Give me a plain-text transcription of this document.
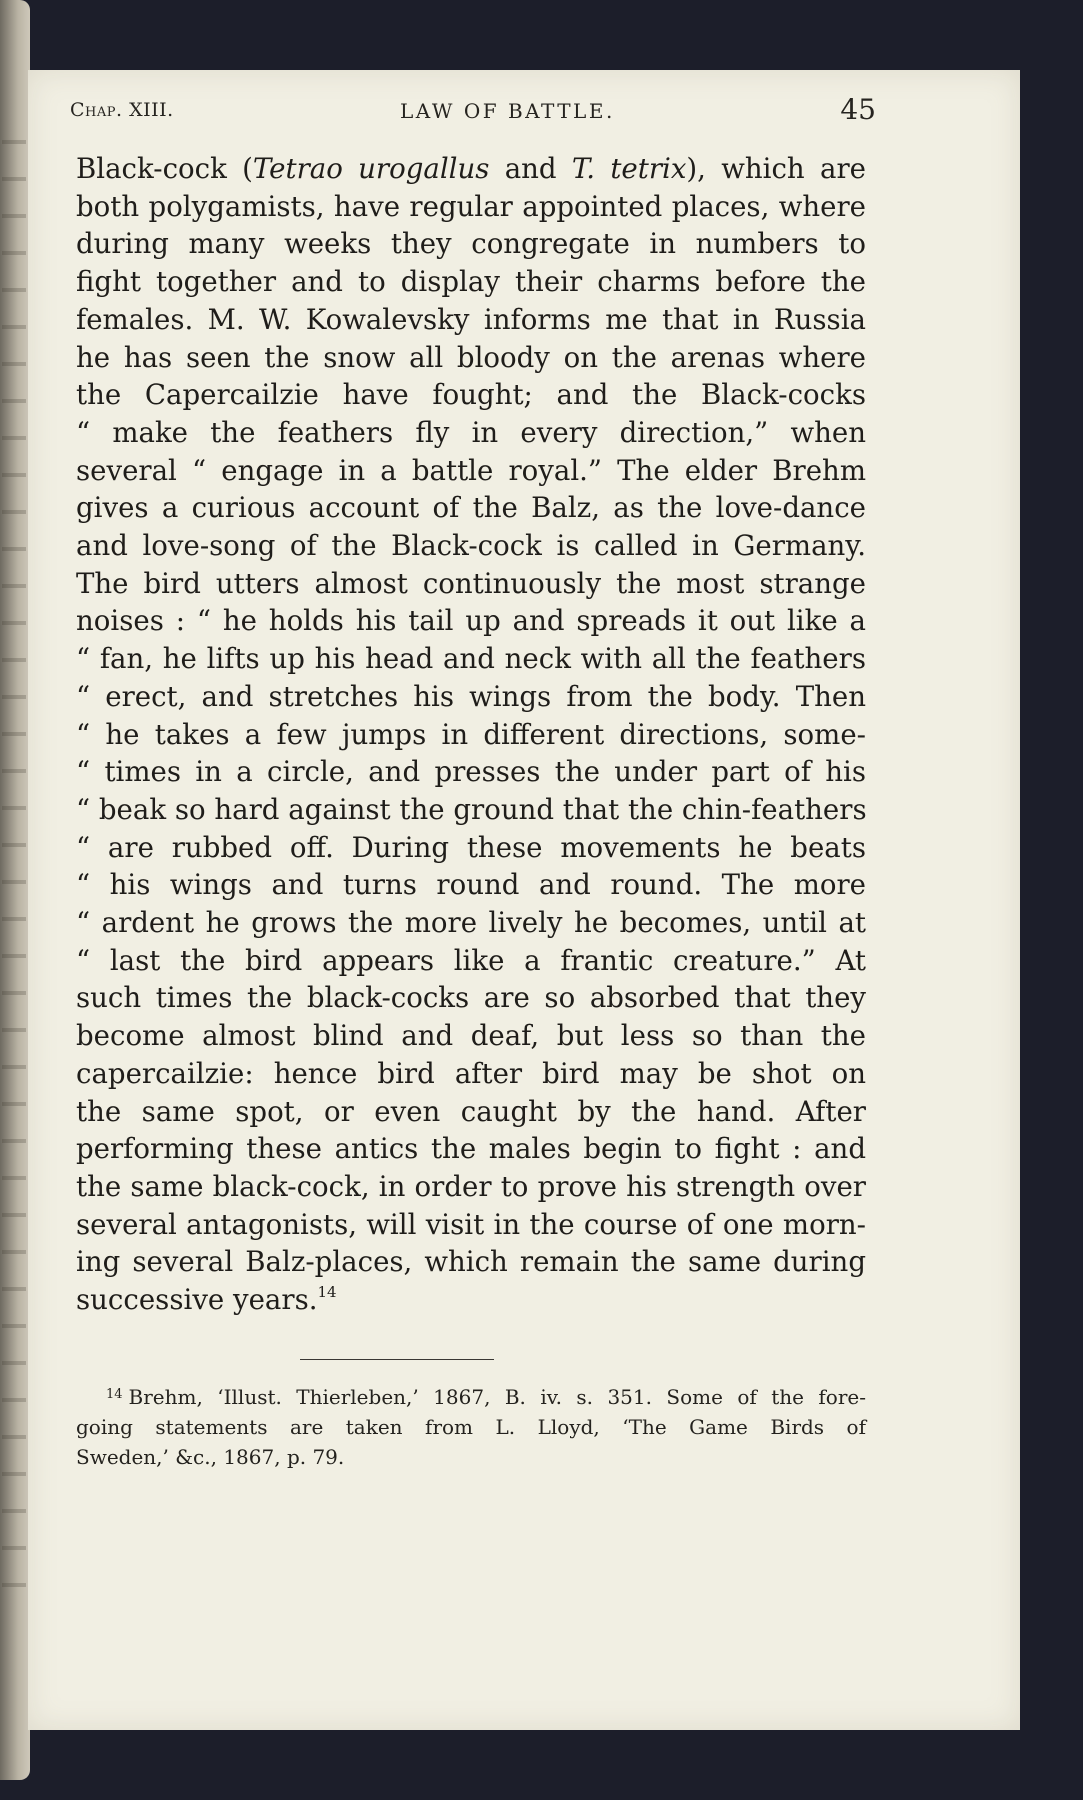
Chap. XIII.	LAW OF BATTLE.	45
Black-cock (Tetrao urogallus and T. tetrix), which are
both polygamists, have regular appointed places, where
during many weeks they congregate in numbers to
fight together and to display their charms before the
females. M. W. Kowalevsky informs me that in Russia
he has seen the snow all bloody on the arenas where
the Capercailzie have fought; and the Black-cocks
“ make the feathers fly in every direction,” when
several “ engage in a battle royal.” The elder Brehm
gives a curious account of the Balz, as the love-dance
and love-song of the Black-cock is called in Germany.
The bird utters almost continuously the most strange
noises : “ he holds his tail up and spreads it out like a
“ fan, he lifts up his head and neck with all the feathers
“ erect, and stretches his wings from the body. Then
“ he takes a few jumps in different directions, some-
“ times in a circle, and presses the under part of his
“ beak so hard against the ground that the chin-feathers
“ are rubbed off. During these movements he beats
“ his wings and turns round and round. The more
“ ardent he grows the more lively he becomes, until at
“ last the bird appears like a frantic creature.” At
such times the black-cocks are so absorbed that they
become almost blind and deaf, but less so than the
capercailzie: hence bird after bird may be shot on
the same spot, or even caught by the hand. After
performing these antics the males begin to fight : and
the same black-cock, in order to prove his strength over
several antagonists, will visit in the course of one morn-
ing several Balz-places, which remain the same during
successive years.$^{14}$
$^{14}$ Brehm, ‘Illust. Thierleben,’ 1867, B. iv. s. 351. Some of the fore-
going statements are taken from L. Lloyd, ‘The Game Birds of
Sweden,’ &c., 1867, p. 79.
